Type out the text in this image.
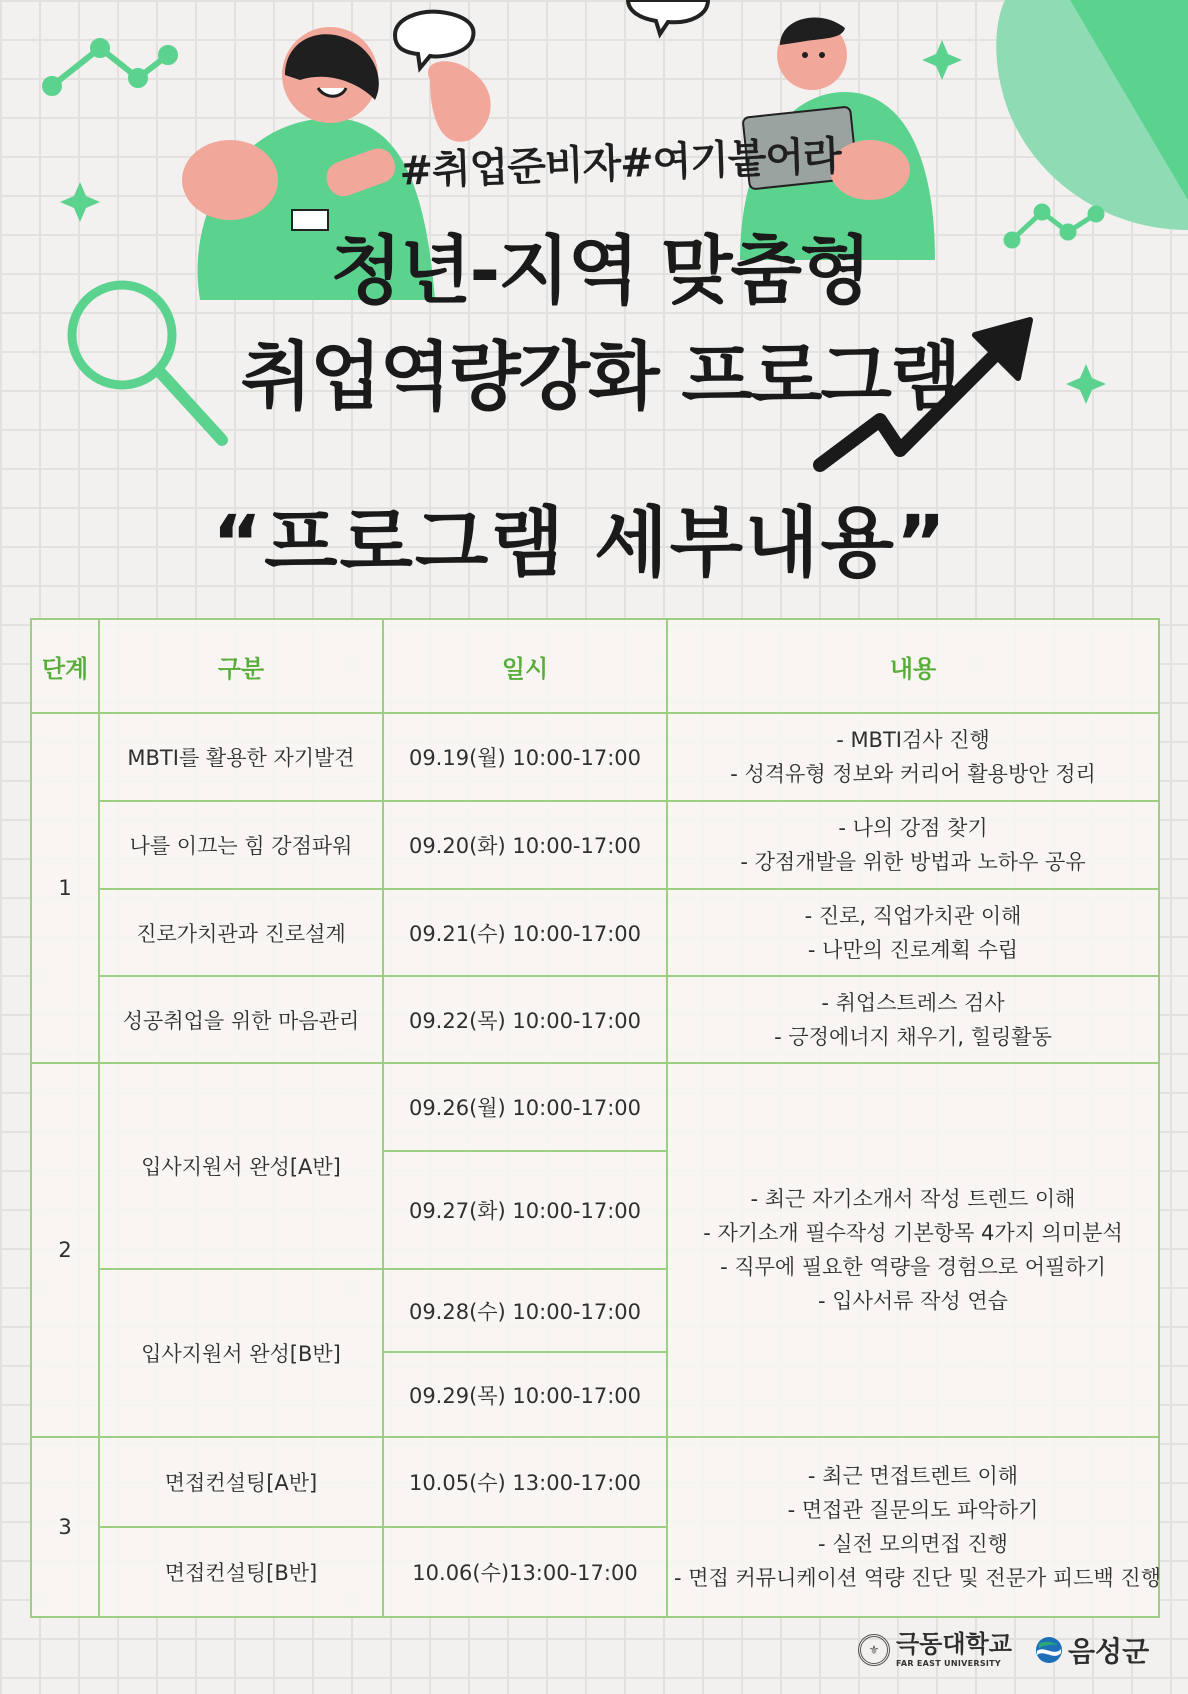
#취업준비자#여기붙어라
청년-지역 맞춤형
취업역량강화 프로그램
“프로그램 세부내용”
단계	구분	일시	내용
1	MBTI를 활용한 자기발견	09.19(월) 10:00-17:00	- MBTI검사 진행
- 성격유형 정보와 커리어 활용방안 정리

	나를 이끄는 힘 강점파워	09.20(화) 10:00-17:00	- 나의 강점 찾기
- 강점개발을 위한 방법과 노하우 공유

	진로가치관과 진로설계	09.21(수) 10:00-17:00	- 진로, 직업가치관 이해
- 나만의 진로계획 수립

	성공취업을 위한 마음관리	09.22(목) 10:00-17:00	- 취업스트레스 검사
- 긍정에너지 채우기, 힐링활동

2	입사지원서 완성[A반]	09.26(월) 10:00-17:00	- 최근 자기소개서 작성 트렌드 이해
- 자기소개 필수작성 기본항목 4가지 의미분석
- 직무에 필요한 역량을 경험으로 어필하기
- 입사서류 작성 연습

		09.27(화) 10:00-17:00	
	입사지원서 완성[B반]	09.28(수) 10:00-17:00	
		09.29(목) 10:00-17:00	
3	면접컨설팅[A반]	10.05(수) 13:00-17:00	- 최근 면접트렌트 이해
- 면접관 질문의도 파악하기
- 실전 모의면접 진행
- 면접 커뮤니케이션 역량 진단 및 전문가 피드백 진행

	면접컨설팅[B반]	10.06(수)13:00-17:00	
⚜ 극동대학교
FAR EAST UNIVERSITY	음성군
